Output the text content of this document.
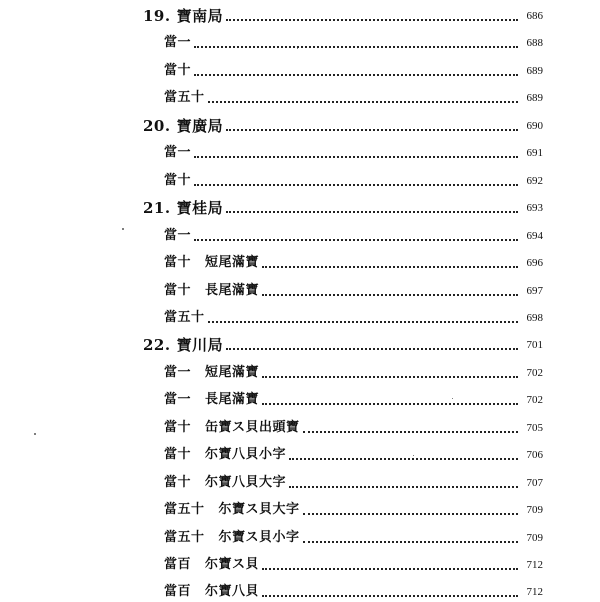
19. 寶南局	686
當一	688
當十	689
當五十	689
20. 寶廣局	690
當一	691
當十	692
21. 寶桂局	693
當一	694
當十 短尾滿寶	696
當十 長尾滿寶	697
當五十	698
22. 寶川局	701
當一 短尾滿寶	702
當一 長尾滿寶	702
當十 缶寶ス貝出頭寶	705
當十 尓寶八貝小字	706
當十 尓寶八貝大字	707
當五十 尓寶ス貝大字	709
當五十 尓寶ス貝小字	709
當百 尓寶ス貝	712
當百 尓寶八貝	712
